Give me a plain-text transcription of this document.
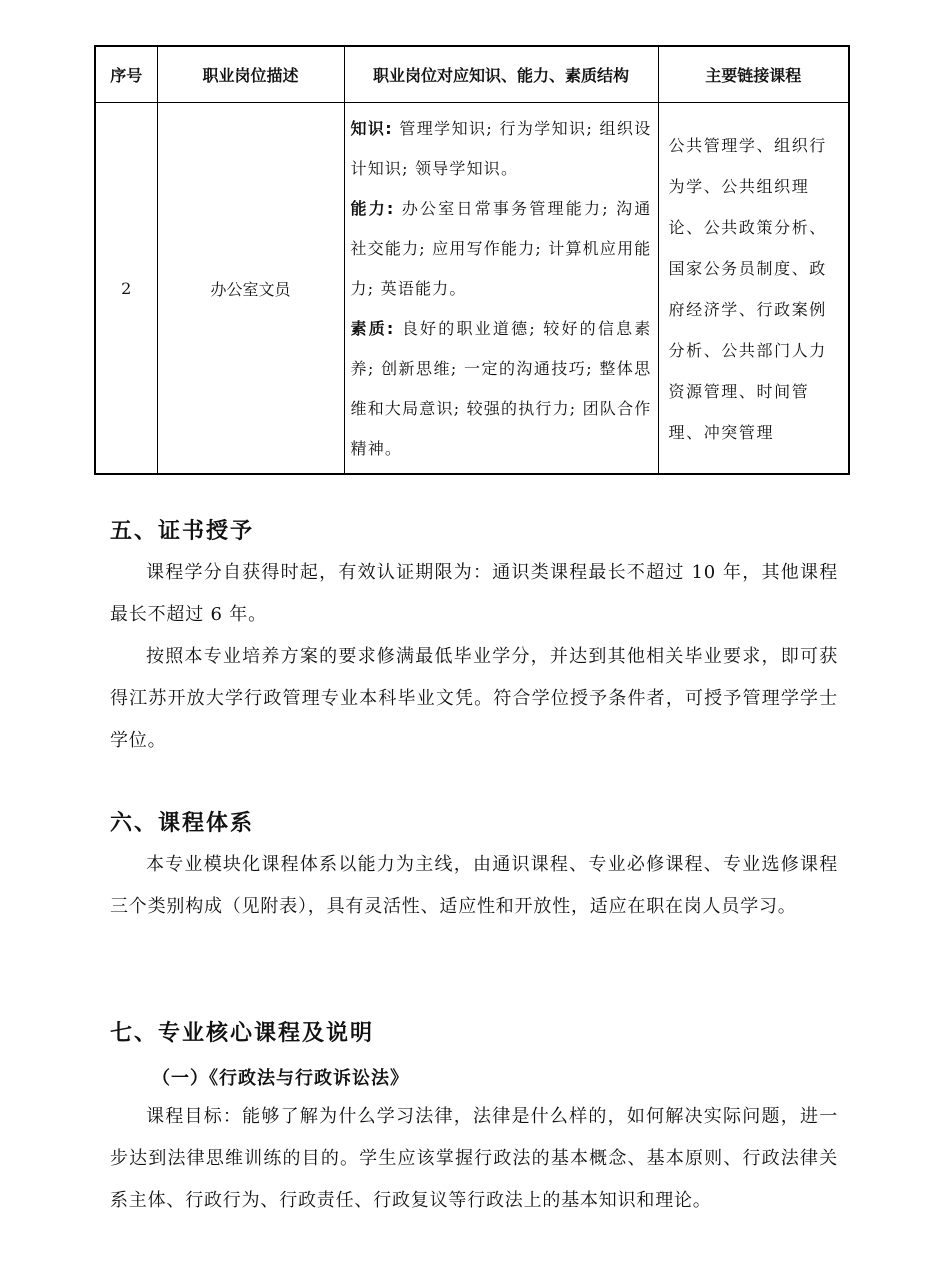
序号	职业岗位描述	职业岗位对应知识、能力、素质结构	主要链接课程
2	办公室文员	知识: 管理学知识; 行为学知识; 组织设计知识; 领导学知识。

能力: 办公室日常事务管理能力; 沟通社交能力; 应用写作能力; 计算机应用能力; 英语能力。

素质: 良好的职业道德; 较好的信息素养; 创新思维; 一定的沟通技巧; 整体思维和大局意识; 较强的执行力; 团队合作精神。	公共管理学、组织行为学、公共组织理论、公共政策分析、国家公务员制度、政府经济学、行政案例分析、公共部门人力资源管理、时间管理、冲突管理

五、证书授予

课程学分自获得时起，有效认证期限为：通识类课程最长不超过 10 年，其他课程最长不超过 6 年。

按照本专业培养方案的要求修满最低毕业学分，并达到其他相关毕业要求，即可获得江苏开放大学行政管理专业本科毕业文凭。符合学位授予条件者，可授予管理学学士学位。

六、课程体系

本专业模块化课程体系以能力为主线，由通识课程、专业必修课程、专业选修课程三个类别构成（见附表），具有灵活性、适应性和开放性，适应在职在岗人员学习。

七、专业核心课程及说明
（一）《行政法与行政诉讼法》

课程目标：能够了解为什么学习法律，法律是什么样的，如何解决实际问题，进一步达到法律思维训练的目的。学生应该掌握行政法的基本概念、基本原则、行政法律关系主体、行政行为、行政责任、行政复议等行政法上的基本知识和理论。
